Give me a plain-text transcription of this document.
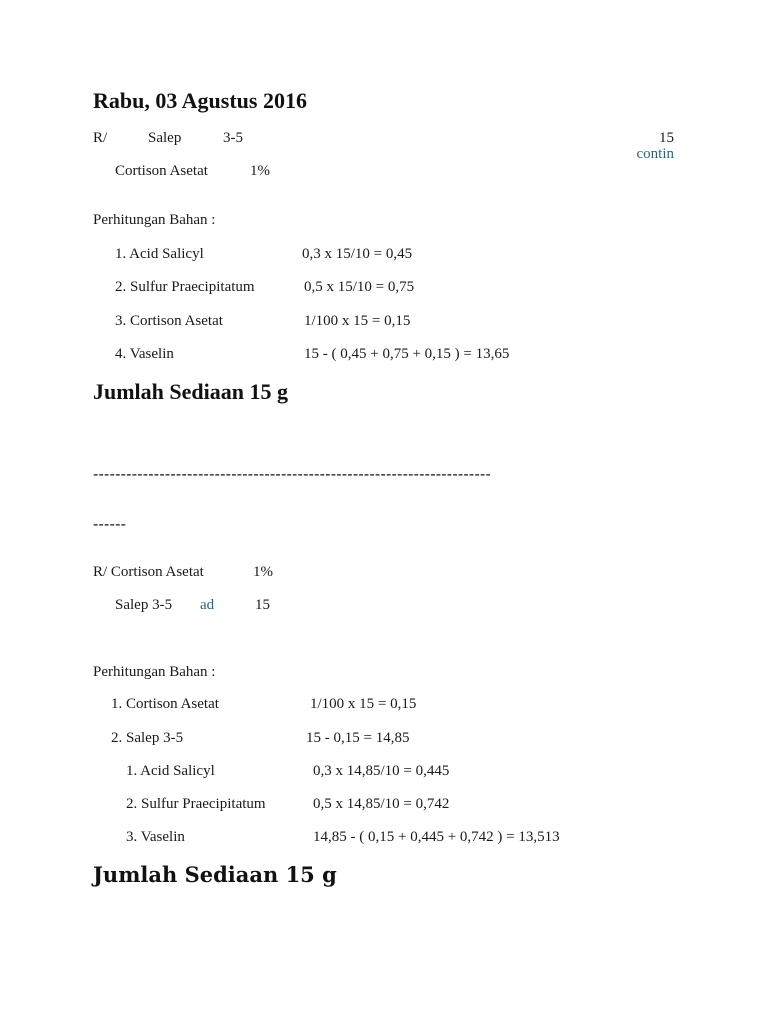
Rabu, 03 Agustus 2016
R/	Salep	3-5	15
contin
Cortison Asetat	1%
Perhitungan Bahan :
1. Acid Salicyl	0,3 x 15/10 = 0,45
2. Sulfur Praecipitatum	0,5 x 15/10 = 0,75
3. Cortison Asetat	1/100 x 15 = 0,15
4. Vaselin	15 - ( 0,45 + 0,75 + 0,15 ) = 13,65
Jumlah Sediaan 15 g
------------------------------------------------------------------------
------
R/ Cortison Asetat	1%
Salep 3-5 ad	15
Perhitungan Bahan :
1. Cortison Asetat	1/100 x 15 = 0,15
2. Salep 3-5	15 - 0,15 = 14,85
1. Acid Salicyl	0,3 x 14,85/10 = 0,445
2. Sulfur Praecipitatum	0,5 x 14,85/10 = 0,742
3. Vaselin	14,85 - ( 0,15 + 0,445 + 0,742 ) = 13,513
Jumlah Sediaan 15 g
